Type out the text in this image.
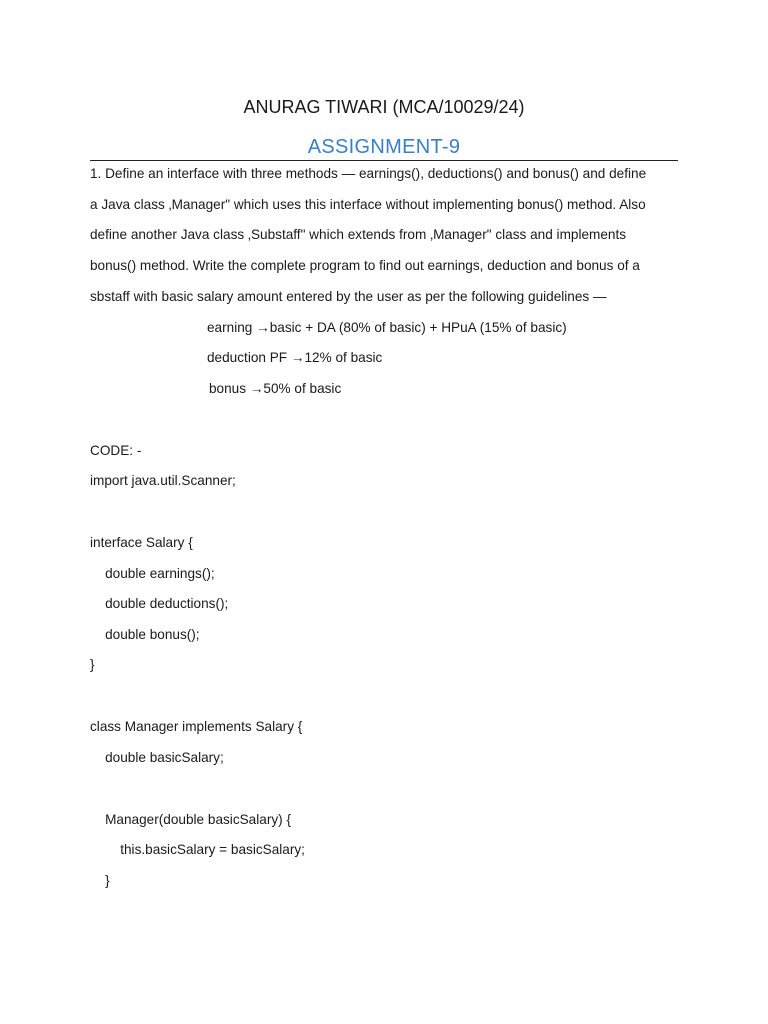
ANURAG TIWARI (MCA/10029/24)
ASSIGNMENT-9
1. Define an interface with three methods — earnings(), deductions() and bonus() and define
a Java class ‚Manager" which uses this interface without implementing bonus() method. Also
define another Java class ‚Substaff" which extends from ‚Manager" class and implements
bonus() method. Write the complete program to find out earnings, deduction and bonus of a
sbstaff with basic salary amount entered by the user as per the following guidelines —
earning →basic + DA (80% of basic) + HPuA (15% of basic)
deduction PF →12% of basic
bonus →50% of basic
CODE: -
import java.util.Scanner;
interface Salary {
double earnings();
double deductions();
double bonus();
}
class Manager implements Salary {
double basicSalary;
Manager(double basicSalary) {
this.basicSalary = basicSalary;
}
